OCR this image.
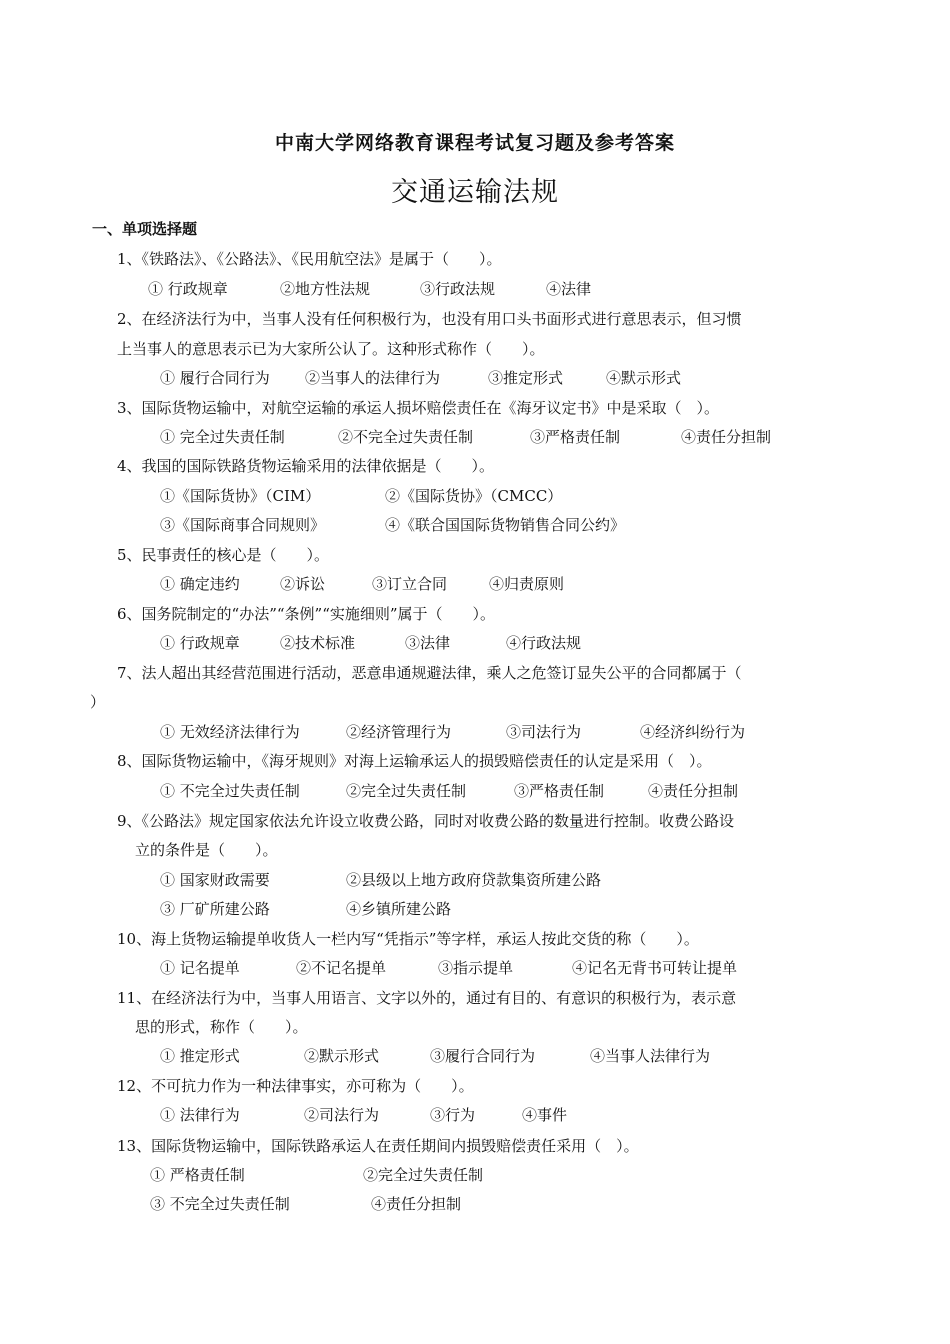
中南大学网络教育课程考试复习题及参考答案
交通运输法规
一、单项选择题
1、《铁路法》、《公路法》、《民用航空法》是属于（　　）。
① 行政规章	②地方性法规	③行政法规	④法律
2、在经济法行为中，当事人没有任何积极行为，也没有用口头书面形式进行意思表示，但习惯
上当事人的意思表示已为大家所公认了。这种形式称作（　　）。
① 履行合同行为 ②当事人的法律行为	③推定形式	④默示形式
3、国际货物运输中，对航空运输的承运人损坏赔偿责任在《海牙议定书》中是采取（　）。
① 完全过失责任制	②不完全过失责任制	③严格责任制	④责任分担制
4、我国的国际铁路货物运输采用的法律依据是（　　）。
①《国际货协》（CIM）	②《国际货协》（CMCC）
③《国际商事合同规则》	④《联合国国际货物销售合同公约》
5、民事责任的核心是（　　）。
① 确定违约	②诉讼	③订立合同	④归责原则
6、国务院制定的“办法”“条例”“实施细则”属于（　　）。
① 行政规章	②技术标准	③法律	④行政法规
7、法人超出其经营范围进行活动，恶意串通规避法律，乘人之危签订显失公平的合同都属于（
）
① 无效经济法律行为	②经济管理行为	③司法行为	④经济纠纷行为
8、国际货物运输中，《海牙规则》对海上运输承运人的损毁赔偿责任的认定是采用（　）。
① 不完全过失责任制	②完全过失责任制	③严格责任制	④责任分担制
9、《公路法》规定国家依法允许设立收费公路，同时对收费公路的数量进行控制。收费公路设
立的条件是（　　）。
① 国家财政需要	②县级以上地方政府贷款集资所建公路
③ 厂矿所建公路	④乡镇所建公路
10、海上货物运输提单收货人一栏内写“凭指示”等字样，承运人按此交货的称（　　）。
① 记名提单	②不记名提单	③指示提单	④记名无背书可转让提单
11、在经济法行为中，当事人用语言、文字以外的，通过有目的、有意识的积极行为，表示意
思的形式，称作（　　）。
① 推定形式	②默示形式	③履行合同行为	④当事人法律行为
12、不可抗力作为一种法律事实，亦可称为（　　）。
① 法律行为	②司法行为	③行为	④事件
13、国际货物运输中，国际铁路承运人在责任期间内损毁赔偿责任采用（　）。
① 严格责任制	②完全过失责任制
③ 不完全过失责任制	④责任分担制
